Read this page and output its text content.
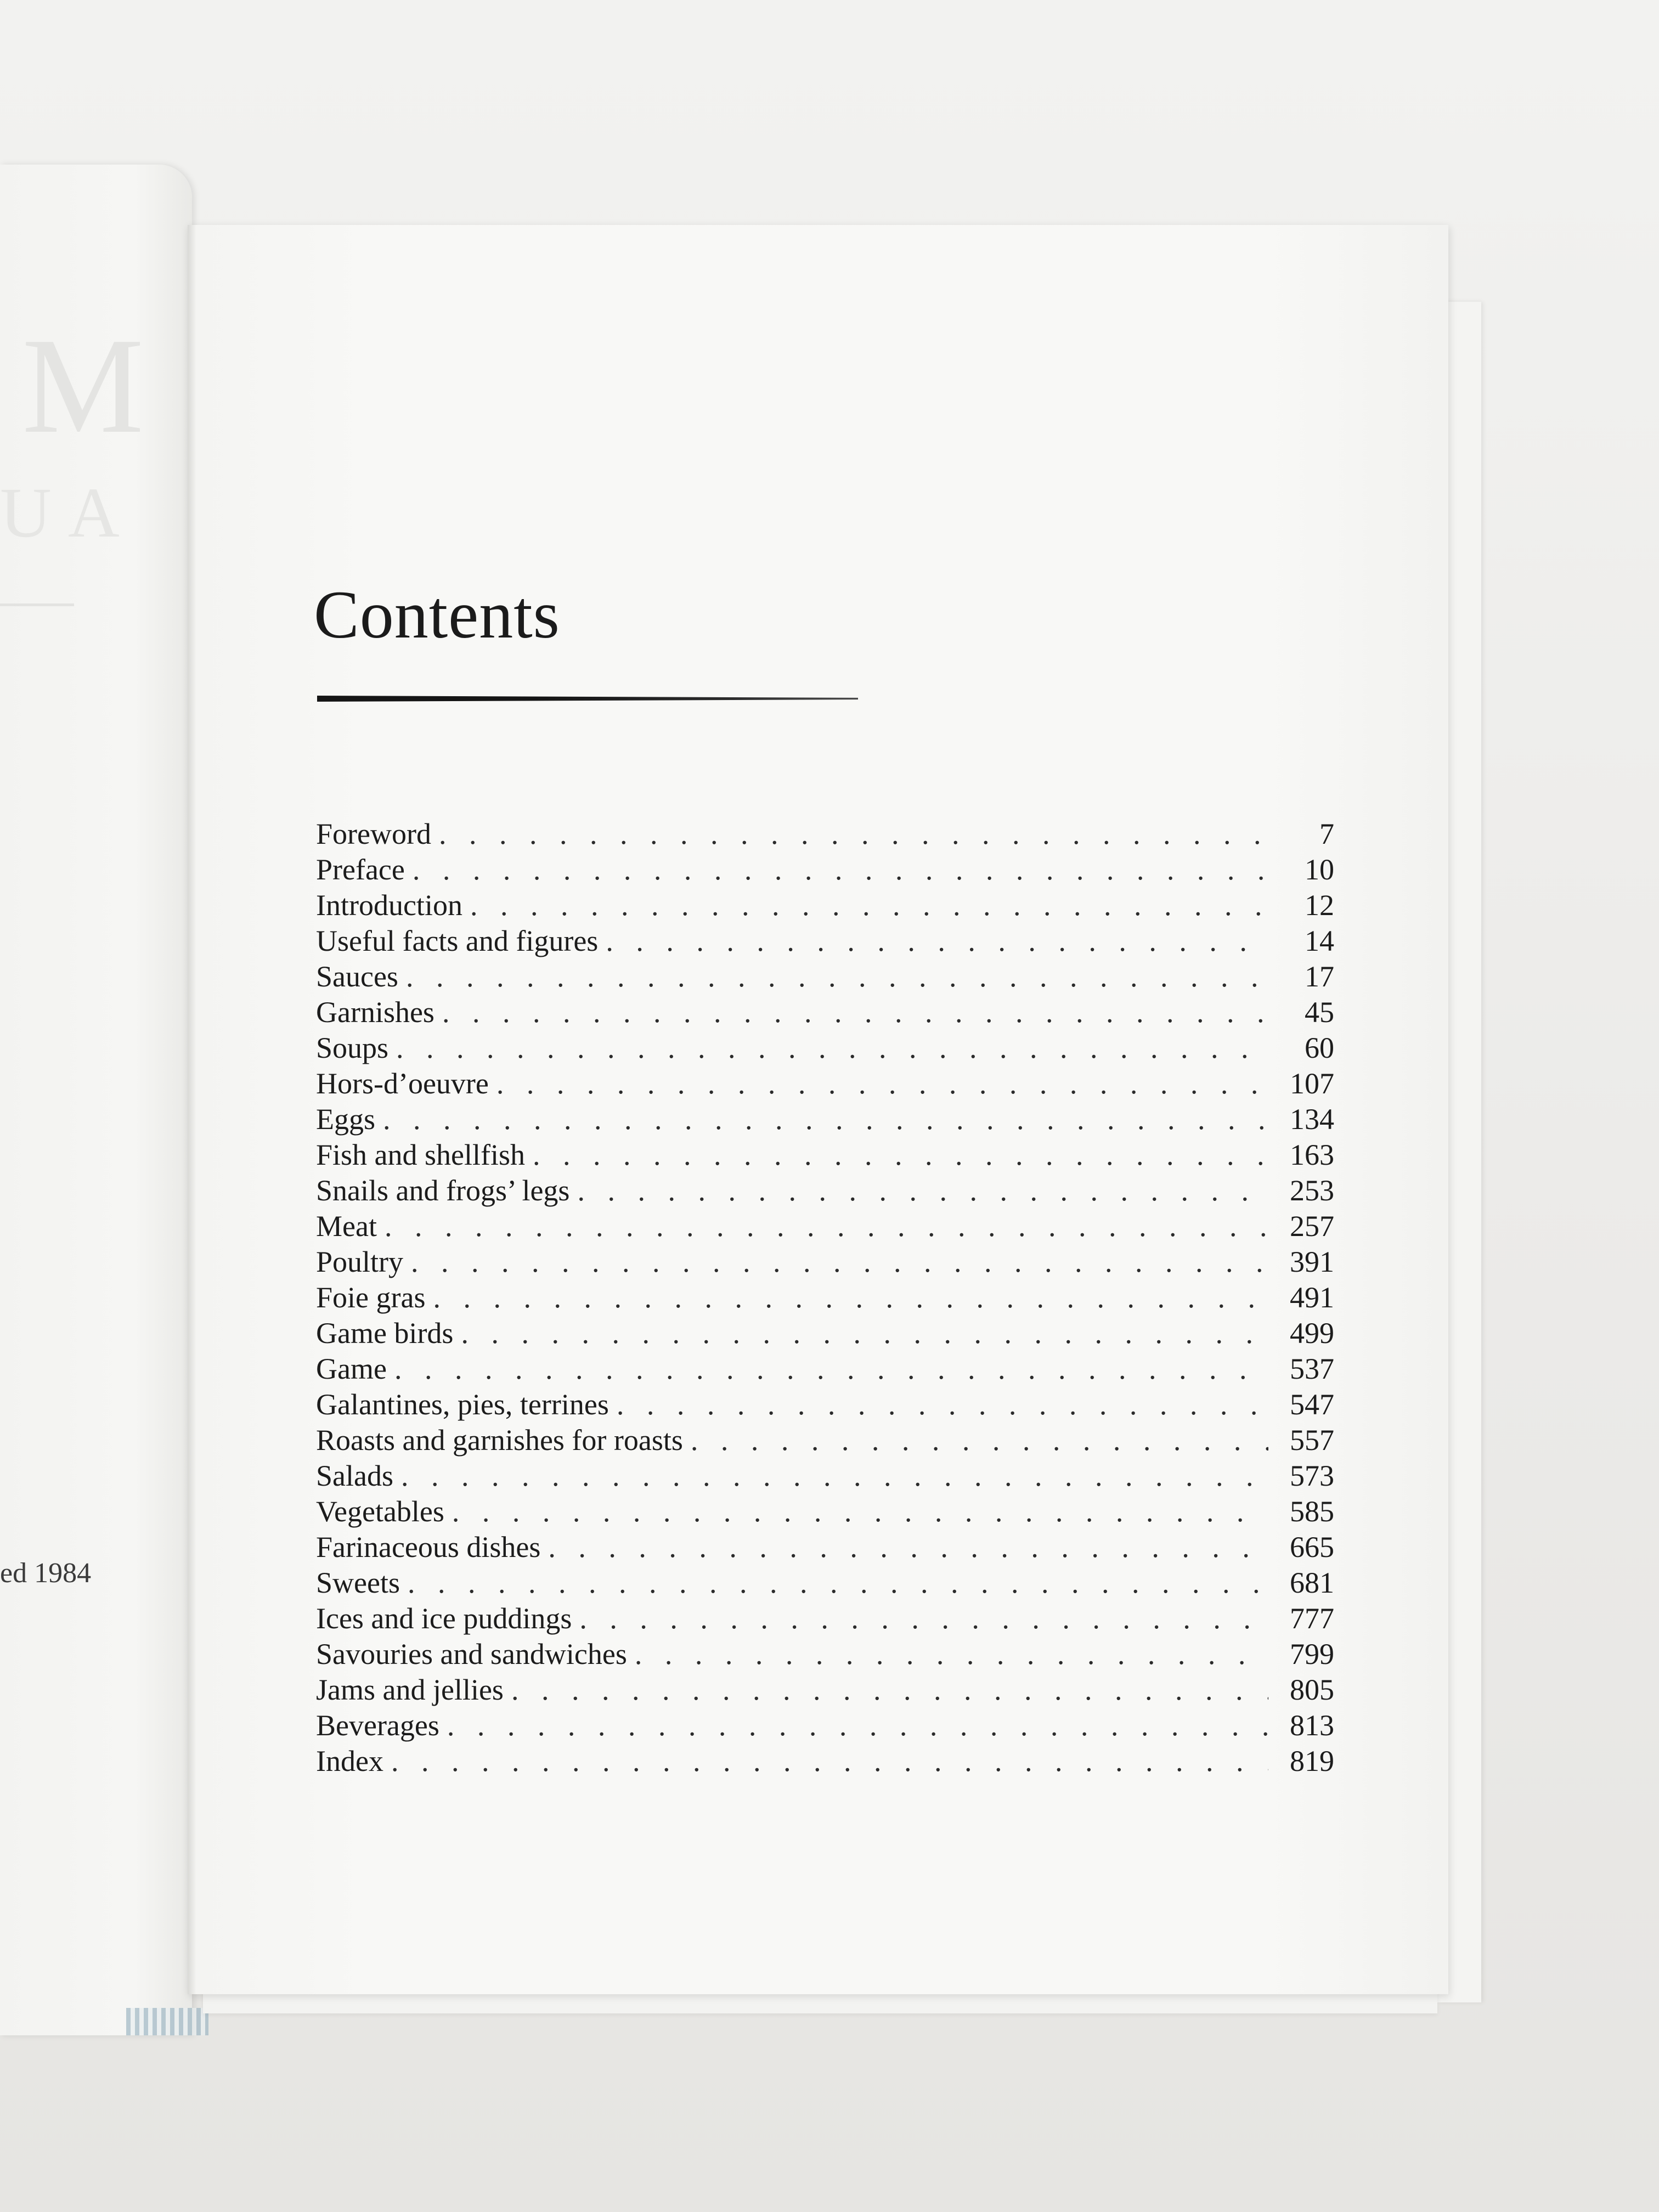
M
UA
ed 1984
Contents
Foreword . . .	7
Preface . . .	10
Introduction . . .	12
Useful facts and figures . . .	14
Sauces . . .	17
Garnishes . . .	45
Soups . . .	60
Hors-d’oeuvre . . .	107
Eggs . . .	134
Fish and shellfish . . .	163
Snails and frogs’ legs . . .	253
Meat . . .	257
Poultry . . .	391
Foie gras . . .	491
Game birds . . .	499
Game . . .	537
Galantines, pies, terrines . . .	547
Roasts and garnishes for roasts . . .	557
Salads . . .	573
Vegetables . . .	585
Farinaceous dishes . . .	665
Sweets . . .	681
Ices and ice puddings . . .	777
Savouries and sandwiches . . .	799
Jams and jellies . . .	805
Beverages . . .	813
Index . . .	819
